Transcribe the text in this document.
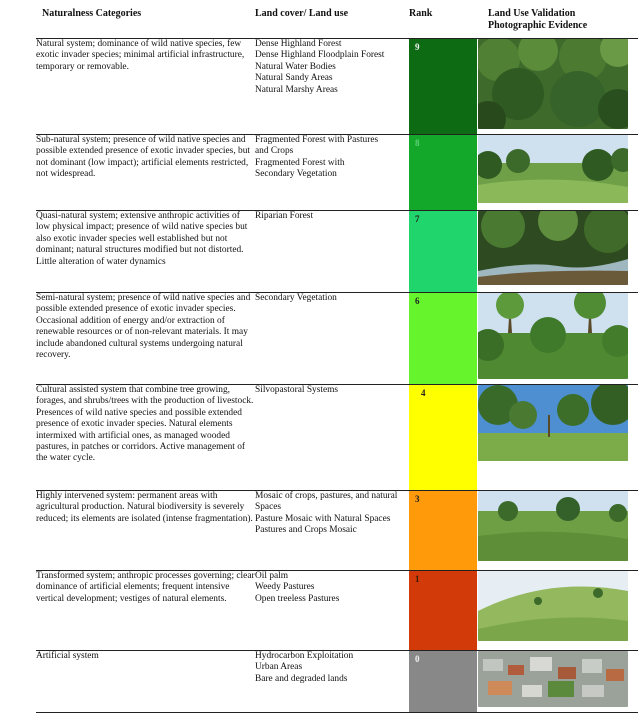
Naturalness Categories	Land cover/ Land use	Rank	Land Use Validation
Photographic Evidence

Natural system; dominance of wild native species, few exotic invader species; minimal artificial infrastructure, temporary or removable.	Dense Highland Forest
Dense Highland Floodplain Forest
Natural Water Bodies
Natural Sandy Areas
Natural Marshy Areas	9

Sub-natural system; presence of wild native species and possible extended presence of exotic invader species, but not dominant (low impact); artificial elements restricted, not widespread.	Fragmented Forest with Pastures
and Crops
Fragmented Forest with
Secondary Vegetation	8

Quasi-natural system; extensive anthropic activities of low physical impact; presence of wild native species but also exotic invader species well established but not dominant; natural structures modified but not distorted. Little alteration of water dynamics	Riparian Forest	7

Semi-natural system; presence of wild native species and possible extended presence of exotic invader species. Occasional addition of energy and/or extraction of renewable resources or of non-relevant materials. It may include abandoned cultural systems undergoing natural recovery.	Secondary Vegetation	6

Cultural assisted system that combine tree growing, forages, and shrubs/trees with the production of livestock. Presences of wild native species and possible extended presence of exotic invader species. Natural elements intermixed with artificial ones, as managed wooded pastures, in patches or corridors. Active management of the water cycle.	Silvopastoral Systems	4

Highly intervened system: permanent areas with agricultural production. Natural biodiversity is severely reduced; its elements are isolated (intense fragmentation).	Mosaic of crops, pastures, and natural Spaces
Pasture Mosaic with Natural Spaces
Pastures and Crops Mosaic	3

Transformed system; anthropic processes governing; clear dominance of artificial elements; frequent intensive vertical development; vestiges of natural elements.	Oil palm
Weedy Pastures
Open treeless Pastures	1

Artificial system	Hydrocarbon Exploitation
Urban Areas
Bare and degraded lands	0
